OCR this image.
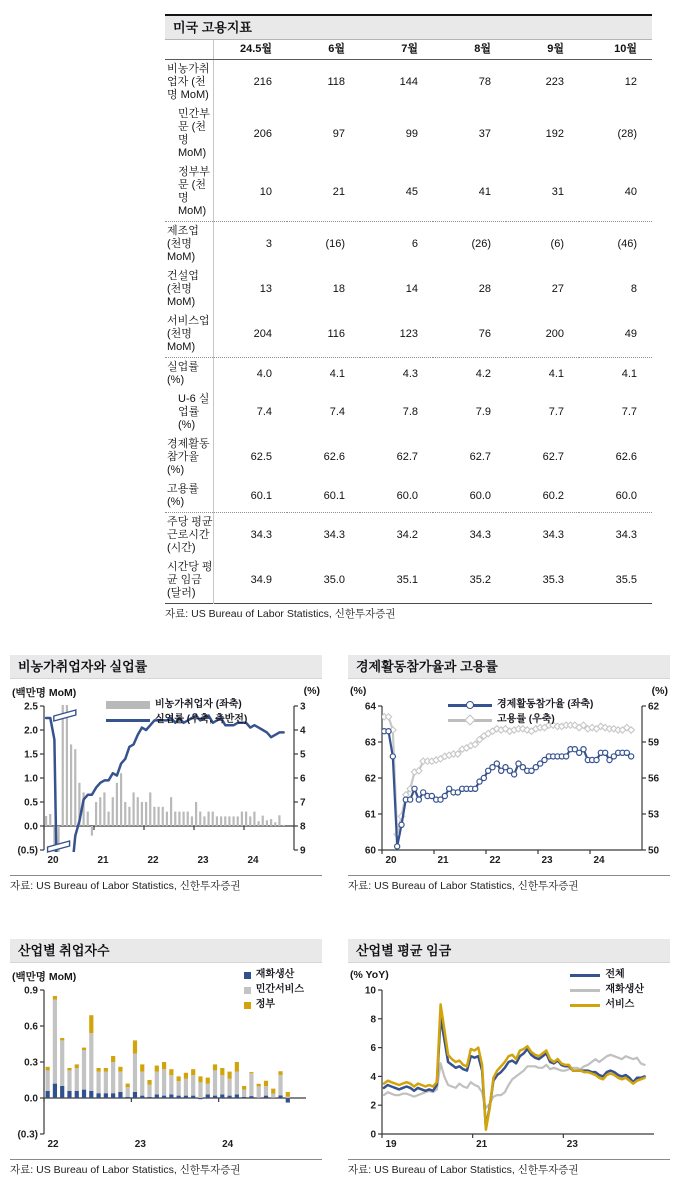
미국 고용지표
	24.5월	6월	7월	8월	9월	10월
비농가취업자 (천명 MoM)	216	118	144	78	223	12
민간부문 (천명 MoM)	206	97	99	37	192	(28)
정부부문 (천명 MoM)	10	21	45	41	31	40
제조업 (천명 MoM)	3	(16)	6	(26)	(6)	(46)
건설업 (천명 MoM)	13	18	14	28	27	8
서비스업 (천명 MoM)	204	116	123	76	200	49
실업률 (%)	4.0	4.1	4.3	4.2	4.1	4.1
U-6 실업률 (%)	7.4	7.4	7.8	7.9	7.7	7.7
경제활동 참가율 (%)	62.5	62.6	62.7	62.7	62.7	62.6
고용률 (%)	60.1	60.1	60.0	60.0	60.2	60.0
주당 평균 근로시간 (시간)	34.3	34.3	34.2	34.3	34.3	34.3
시간당 평균 임금 (달러)	34.9	35.0	35.1	35.2	35.3	35.5
자료: US Bureau of Labor Statistics, 신한투자증권
비농가취업자와 실업률
(백만명 MoM)	(%)
2.5
2.0
1.5
1.0
0.5
0.0
(0.5)
3
4
5
6
7
8
9
20	21	22	23	24
비농가취업자 (좌축)
실업률 (우축, 축반전)
자료: US Bureau of Labor Statistics, 신한투자증권
경제활동참가율과 고용률
(%)	(%)
64
63
62
61
60
62
59
56
53
50
20	21	22	23	24
경제활동참가율 (좌축)
고용률 (우축)
자료: US Bureau of Labor Statistics, 신한투자증권
산업별 취업자수
(백만명 MoM)
0.9
0.6
0.3
0.0
(0.3)
22	23	24
재화생산
민간서비스
정부
자료: US Bureau of Labor Statistics, 신한투자증권
산업별 평균 임금
(% YoY)
10
8
6
4
2
0
19	21	23
전체
재화생산
서비스
자료: US Bureau of Labor Statistics, 신한투자증권
